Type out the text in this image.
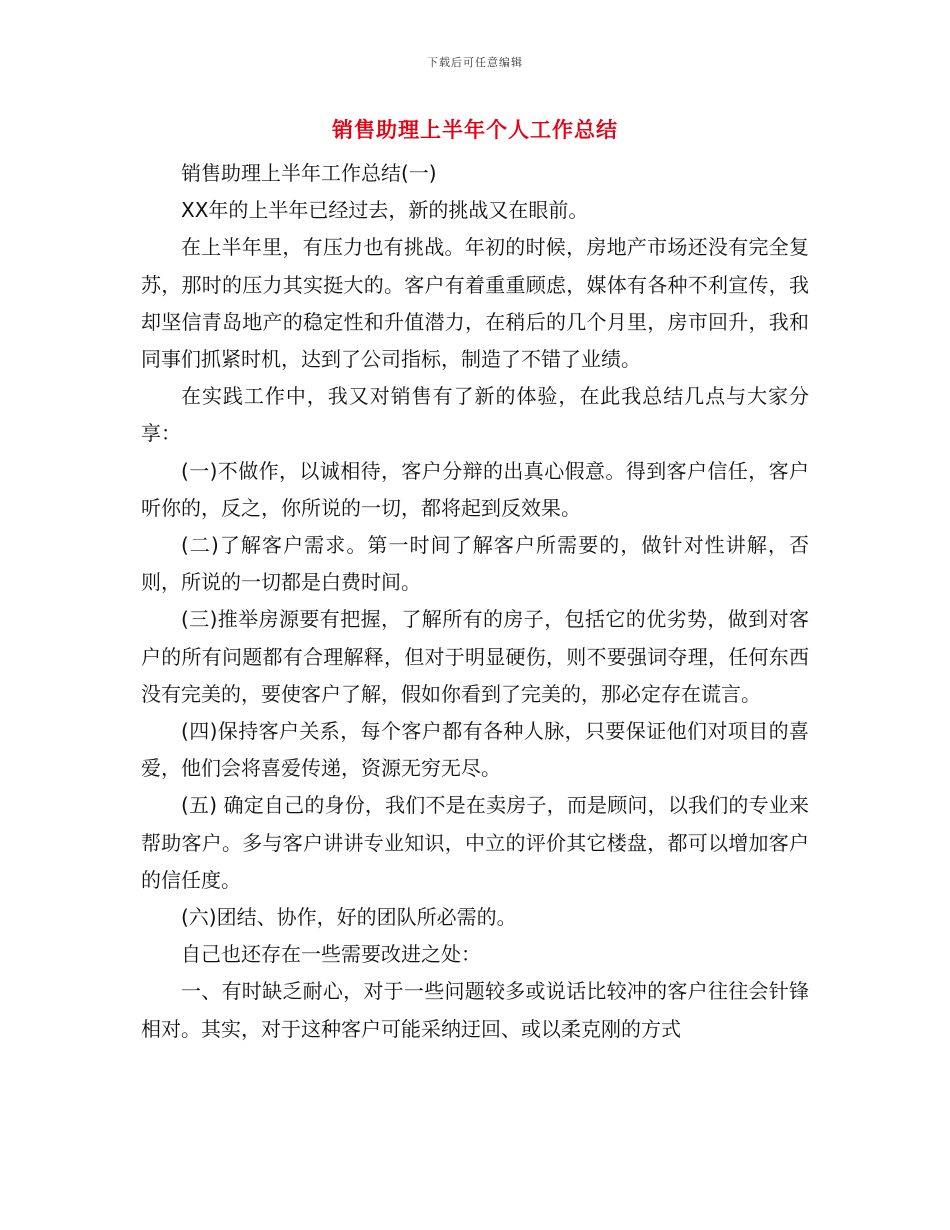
下载后可任意编辑
销售助理上半年个人工作总结

销售助理上半年工作总结(一)

XX年的上半年已经过去，新的挑战又在眼前。

在上半年里，有压力也有挑战。年初的时候，房地产市场还没有完全复苏，那时的压力其实挺大的。客户有着重重顾虑，媒体有各种不利宣传，我却坚信青岛地产的稳定性和升值潜力，在稍后的几个月里，房市回升，我和同事们抓紧时机，达到了公司指标，制造了不错了业绩。

在实践工作中，我又对销售有了新的体验，在此我总结几点与大家分享：

(一)不做作，以诚相待，客户分辩的出真心假意。得到客户信任，客户听你的，反之，你所说的一切，都将起到反效果。

(二)了解客户需求。第一时间了解客户所需要的，做针对性讲解，否则，所说的一切都是白费时间。

(三)推举房源要有把握，了解所有的房子，包括它的优劣势，做到对客户的所有问题都有合理解释，但对于明显硬伤，则不要强词夺理，任何东西没有完美的，要使客户了解，假如你看到了完美的，那必定存在谎言。

(四)保持客户关系，每个客户都有各种人脉，只要保证他们对项目的喜爱，他们会将喜爱传递，资源无穷无尽。

(五) 确定自己的身份，我们不是在卖房子，而是顾问，以我们的专业来帮助客户。多与客户讲讲专业知识，中立的评价其它楼盘，都可以增加客户的信任度。

(六)团结、协作，好的团队所必需的。

自己也还存在一些需要改进之处：

一、有时缺乏耐心，对于一些问题较多或说话比较冲的客户往往会针锋相对。其实，对于这种客户可能采纳迂回、或以柔克刚的方式
